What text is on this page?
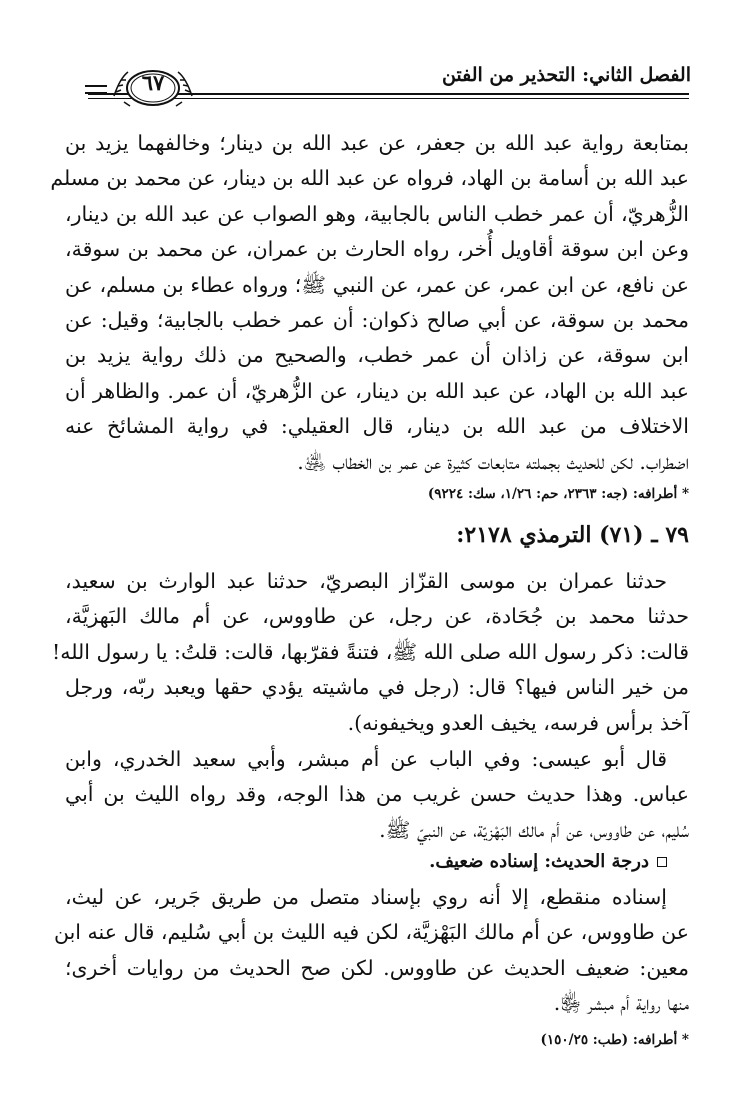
الفصل الثاني: التحذير من الفتن
٦٧
بمتابعة رواية عبد الله بن جعفر، عن عبد الله بن دينار؛ وخالفهما يزيد بن
عبد الله بن أسامة بن الهاد، فرواه عن عبد الله بن دينار، عن محمد بن مسلم
الزُّهريّ، أن عمر خطب الناس بالجابية، وهو الصواب عن عبد الله بن دينار،
وعن ابن سوقة أقاويل أُخر، رواه الحارث بن عمران، عن محمد بن سوقة،
عن نافع، عن ابن عمر، عن عمر، عن النبي ﷺ؛ ورواه عطاء بن مسلم، عن
محمد بن سوقة، عن أبي صالح ذكوان: أن عمر خطب بالجابية؛ وقيل: عن
ابن سوقة، عن زاذان أن عمر خطب، والصحيح من ذلك رواية يزيد بن
عبد الله بن الهاد، عن عبد الله بن دينار، عن الزُّهريّ، أن عمر. والظاهر أن
الاختلاف من عبد الله بن دينار، قال العقيلي: في رواية المشائخ عنه
اضطراب. لكن للحديث بجملته متابعات كثيرة عن عمر بن الخطاب ﵁.
* أطرافه: (جه: ٢٣٦٣، حم: ١/٢٦، سك: ٩٢٢٤)
٧٩ ـ (٧١) الترمذي ٢١٧٨:
حدثنا عمران بن موسى القزّاز البصريّ، حدثنا عبد الوارث بن سعيد،
حدثنا محمد بن جُحَادة، عن رجل، عن طاووس، عن أم مالك البَهزيَّة،
قالت: ذكر رسول الله صلى الله ﷺ، فتنةً فقرّبها، قالت: قلتُ: يا رسول الله!
من خير الناس فيها؟ قال: (رجل في ماشيته يؤدي حقها ويعبد ربّه، ورجل
آخذ برأس فرسه، يخيف العدو ويخيفونه).
قال أبو عيسى: وفي الباب عن أم مبشر، وأبي سعيد الخدري، وابن
عباس. وهذا حديث حسن غريب من هذا الوجه، وقد رواه الليث بن أبي
سُليم، عن طاووس، عن أم مالك البَهْزيّة، عن النبيّ ﷺ.
درجة الحديث: إسناده ضعيف.
إسناده منقطع، إلا أنه روي بإسناد متصل من طريق جَرير، عن ليث،
عن طاووس، عن أم مالك البَهْزيَّة، لكن فيه الليث بن أبي سُليم، قال عنه ابن
معين: ضعيف الحديث عن طاووس. لكن صح الحديث من روايات أخرى؛
منها رواية أم مبشر ﵂.
* أطرافه: (طب: ١٥٠/٢٥)
